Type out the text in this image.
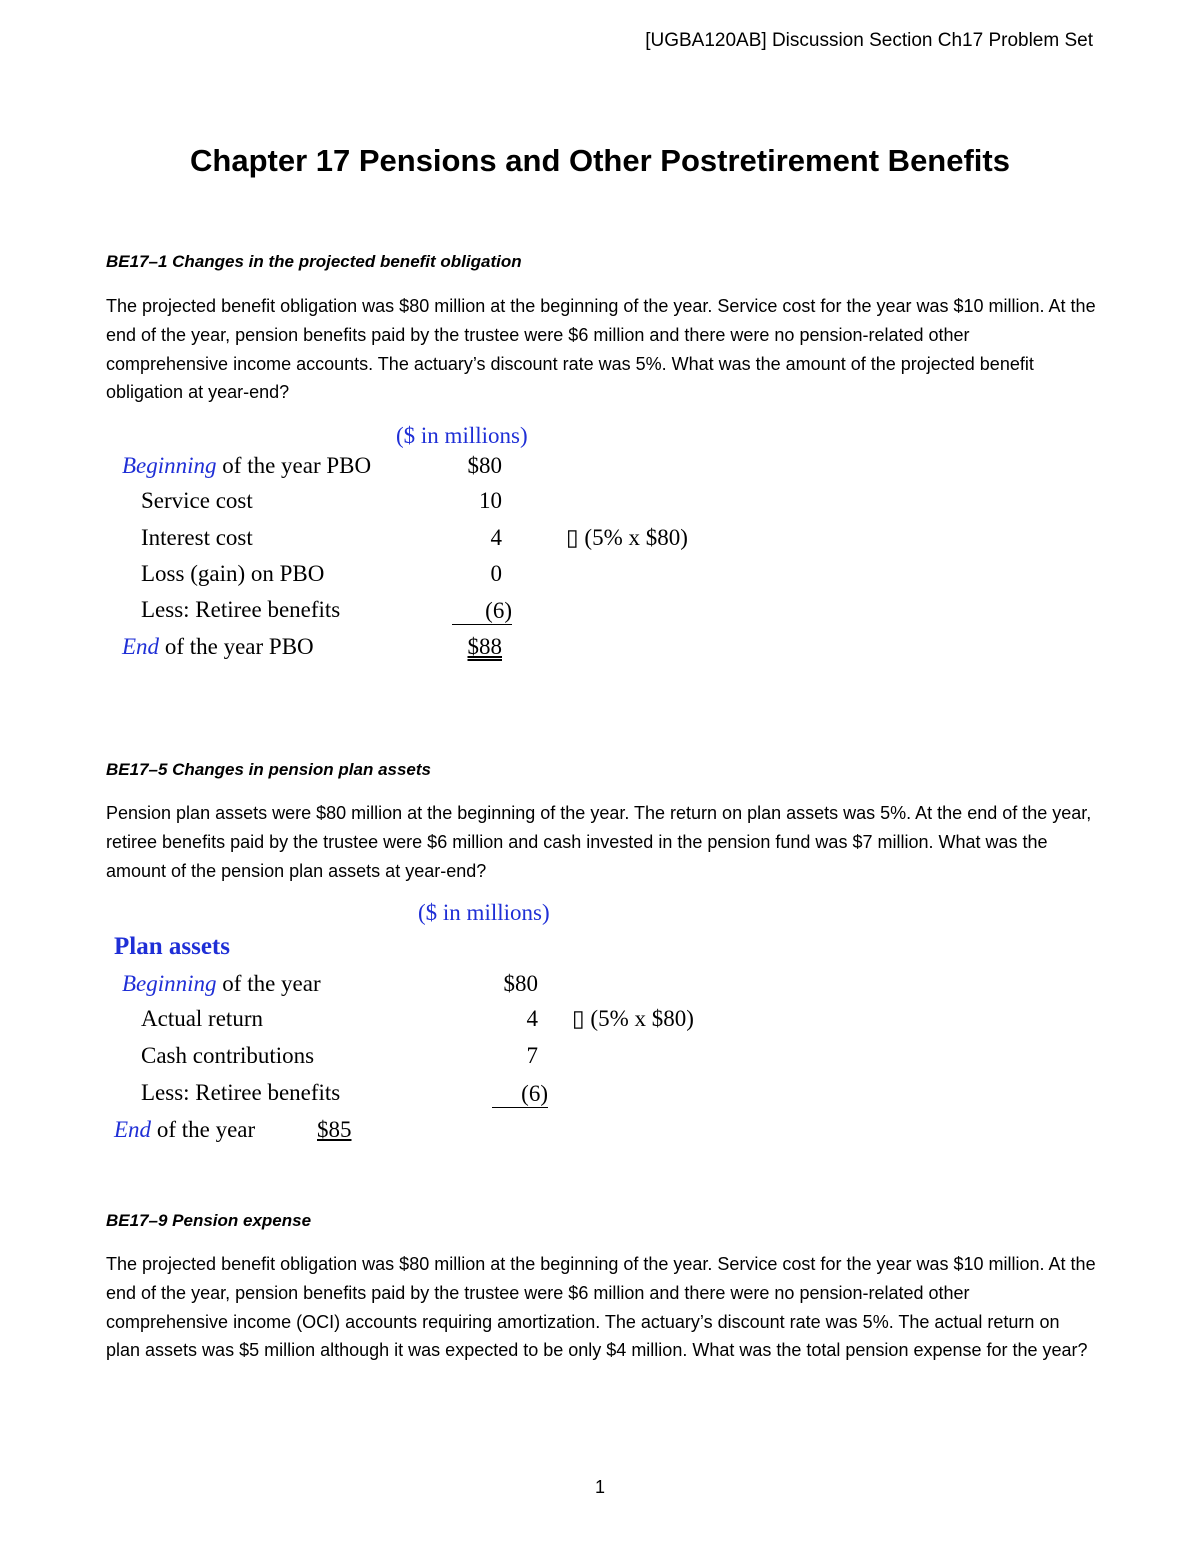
[UGBA120AB] Discussion Section Ch17 Problem Set
Chapter 17 Pensions and Other Postretirement Benefits
BE17–1 Changes in the projected benefit obligation
The projected benefit obligation was $80 million at the beginning of the year. Service cost for the year was $10 million. At the end of the year, pension benefits paid by the trustee were $6 million and there were no pension-related other comprehensive income accounts. The actuary’s discount rate was 5%. What was the amount of the projected benefit obligation at year-end?
($ in millions)
Beginning of the year PBO	$80
Service cost	10
Interest cost	4	▯ (5% x $80)
Loss (gain) on PBO	0
Less: Retiree benefits	(6)
End of the year PBO	$88
BE17–5 Changes in pension plan assets
Pension plan assets were $80 million at the beginning of the year. The return on plan assets was 5%. At the end of the year, retiree benefits paid by the trustee were $6 million and cash invested in the pension fund was $7 million. What was the amount of the pension plan assets at year-end?
($ in millions)
Plan assets
Beginning of the year	$80
Actual return	4 ▯ (5% x $80)
Cash contributions	7
Less: Retiree benefits	(6)
End of the year	$85
BE17–9 Pension expense
The projected benefit obligation was $80 million at the beginning of the year. Service cost for the year was $10 million. At the end of the year, pension benefits paid by the trustee were $6 million and there were no pension-related other comprehensive income (OCI) accounts requiring amortization. The actuary’s discount rate was 5%. The actual return on plan assets was $5 million although it was expected to be only $4 million. What was the total pension expense for the year?
1
